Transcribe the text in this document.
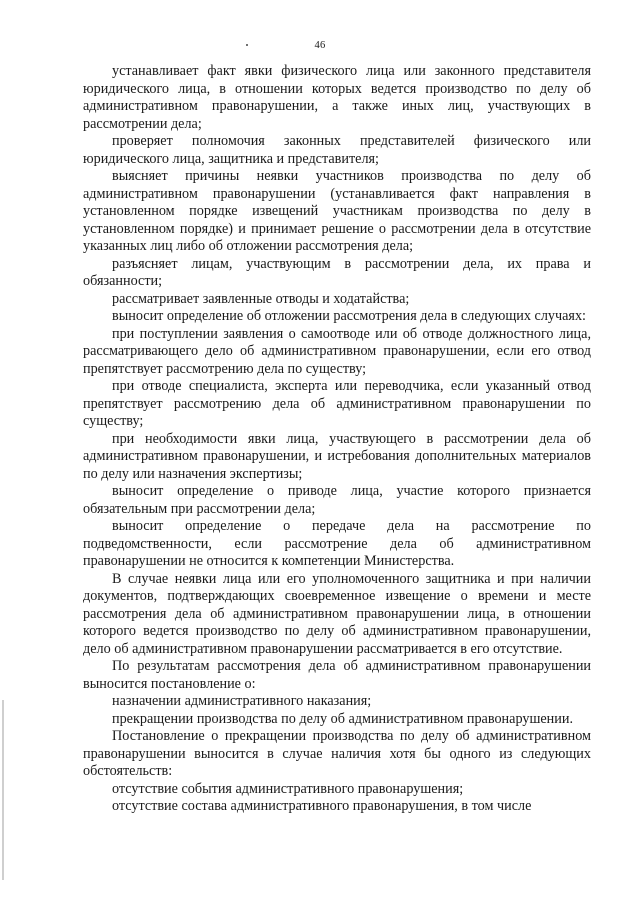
46

устанавливает факт явки физического лица или законного представителя юридического лица, в отношении которых ведется производство по делу об административном правонарушении, а также иных лиц, участвующих в рассмотрении дела;

проверяет полномочия законных представителей физического или юридического лица, защитника и представителя;

выясняет причины неявки участников производства по делу об административном правонарушении (устанавливается факт направления в установленном порядке извещений участникам производства по делу в установленном порядке) и принимает решение о рассмотрении дела в отсутствие указанных лиц либо об отложении рассмотрения дела;

разъясняет лицам, участвующим в рассмотрении дела, их права и обязанности;

рассматривает заявленные отводы и ходатайства;

выносит определение об отложении рассмотрения дела в следующих случаях:

при поступлении заявления о самоотводе или об отводе должностного лица, рассматривающего дело об административном правонарушении, если его отвод препятствует рассмотрению дела по существу;

при отводе специалиста, эксперта или переводчика, если указанный отвод препятствует рассмотрению дела об административном правонарушении по существу;

при необходимости явки лица, участвующего в рассмотрении дела об административном правонарушении, и истребования дополнительных материалов по делу или назначения экспертизы;

выносит определение о приводе лица, участие которого признается обязательным при рассмотрении дела;

выносит определение о передаче дела на рассмотрение по подведомственности, если рассмотрение дела об административном правонарушении не относится к компетенции Министерства.

В случае неявки лица или его уполномоченного защитника и при наличии документов, подтверждающих своевременное извещение о времени и месте рассмотрения дела об административном правонарушении лица, в отношении которого ведется производство по делу об административном правонарушении, дело об административном правонарушении рассматривается в его отсутствие.

По результатам рассмотрения дела об административном правонарушении выносится постановление о:

назначении административного наказания;

прекращении производства по делу об административном правонарушении.

Постановление о прекращении производства по делу об административном правонарушении выносится в случае наличия хотя бы одного из следующих обстоятельств:

отсутствие события административного правонарушения;

отсутствие состава административного правонарушения, в том числе
